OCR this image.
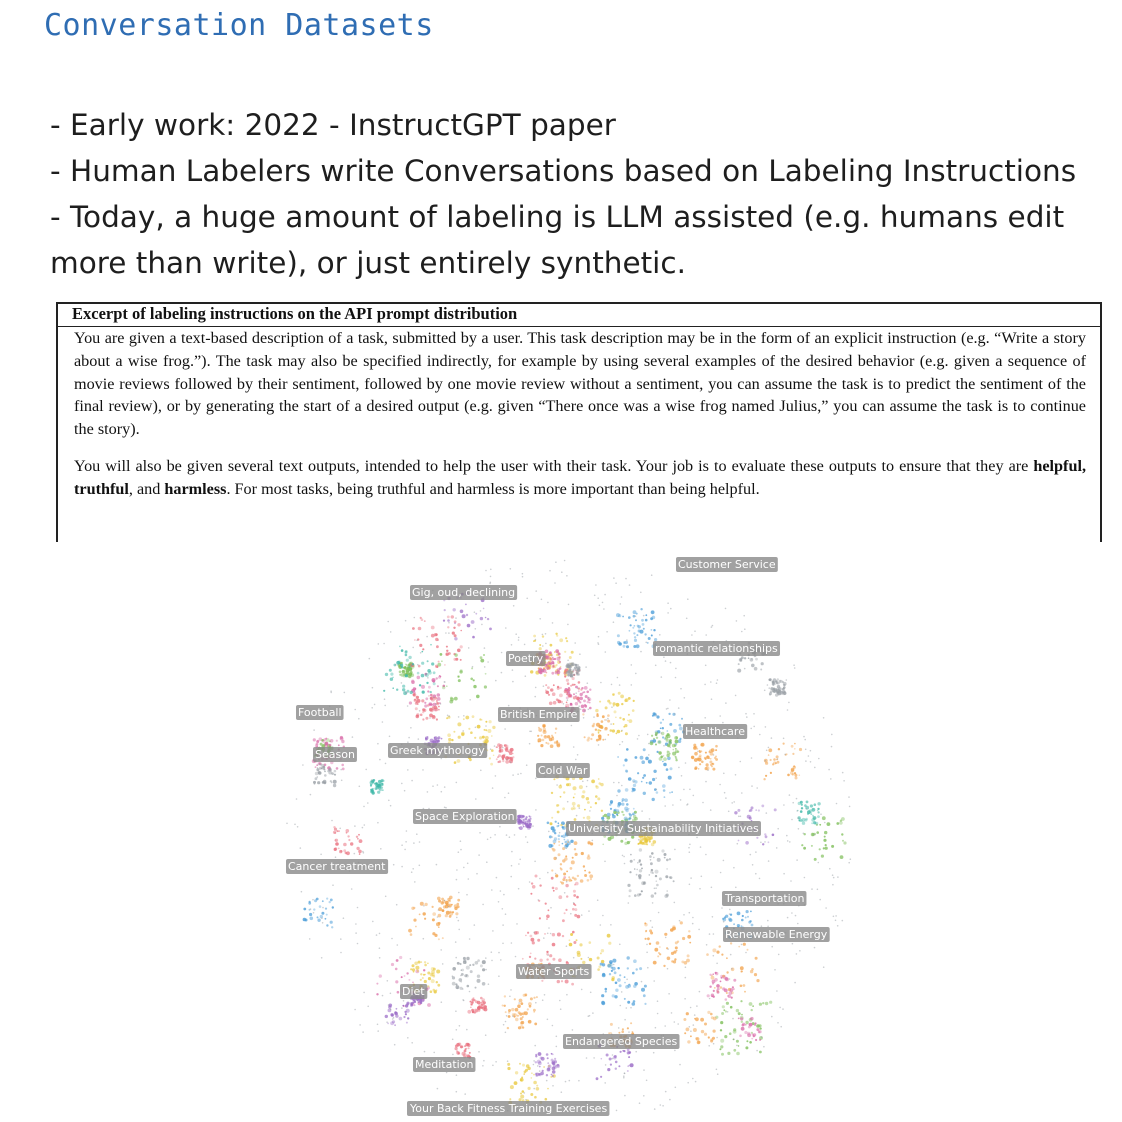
Conversation Datasets
- Early work: 2022 - InstructGPT paper
- Human Labelers write Conversations based on Labeling Instructions
- Today, a huge amount of labeling is LLM assisted (e.g. humans edit more than write), or just entirely synthetic.
Excerpt of labeling instructions on the API prompt distribution

You are given a text-based description of a task, submitted by a user. This task description may be in the form of an explicit instruction (e.g. “Write a story about a wise frog.”). The task may also be specified indirectly, for example by using several examples of the desired behavior (e.g. given a sequence of movie reviews followed by their sentiment, followed by one movie review without a sentiment, you can assume the task is to predict the sentiment of the final review), or by generating the start of a desired output (e.g. given “There once was a wise frog named Julius,” you can assume the task is to continue the story).

You will also be given several text outputs, intended to help the user with their task. Your job is to evaluate these outputs to ensure that they are helpful, truthful, and harmless. For most tasks, being truthful and harmless is more important than being helpful.

Gig, oud, declining
romantic relationships
Football	British Empire
Healthcare
Season	Greek mythology
Cold War
Space Exploration
University Sustainability Initiatives
Cancer treatment
Transportation
Renewable Energy
Water Sports
Diet
Endangered Species
Meditation
Your Back Fitness Training Exercises
Poetry
Customer Service
